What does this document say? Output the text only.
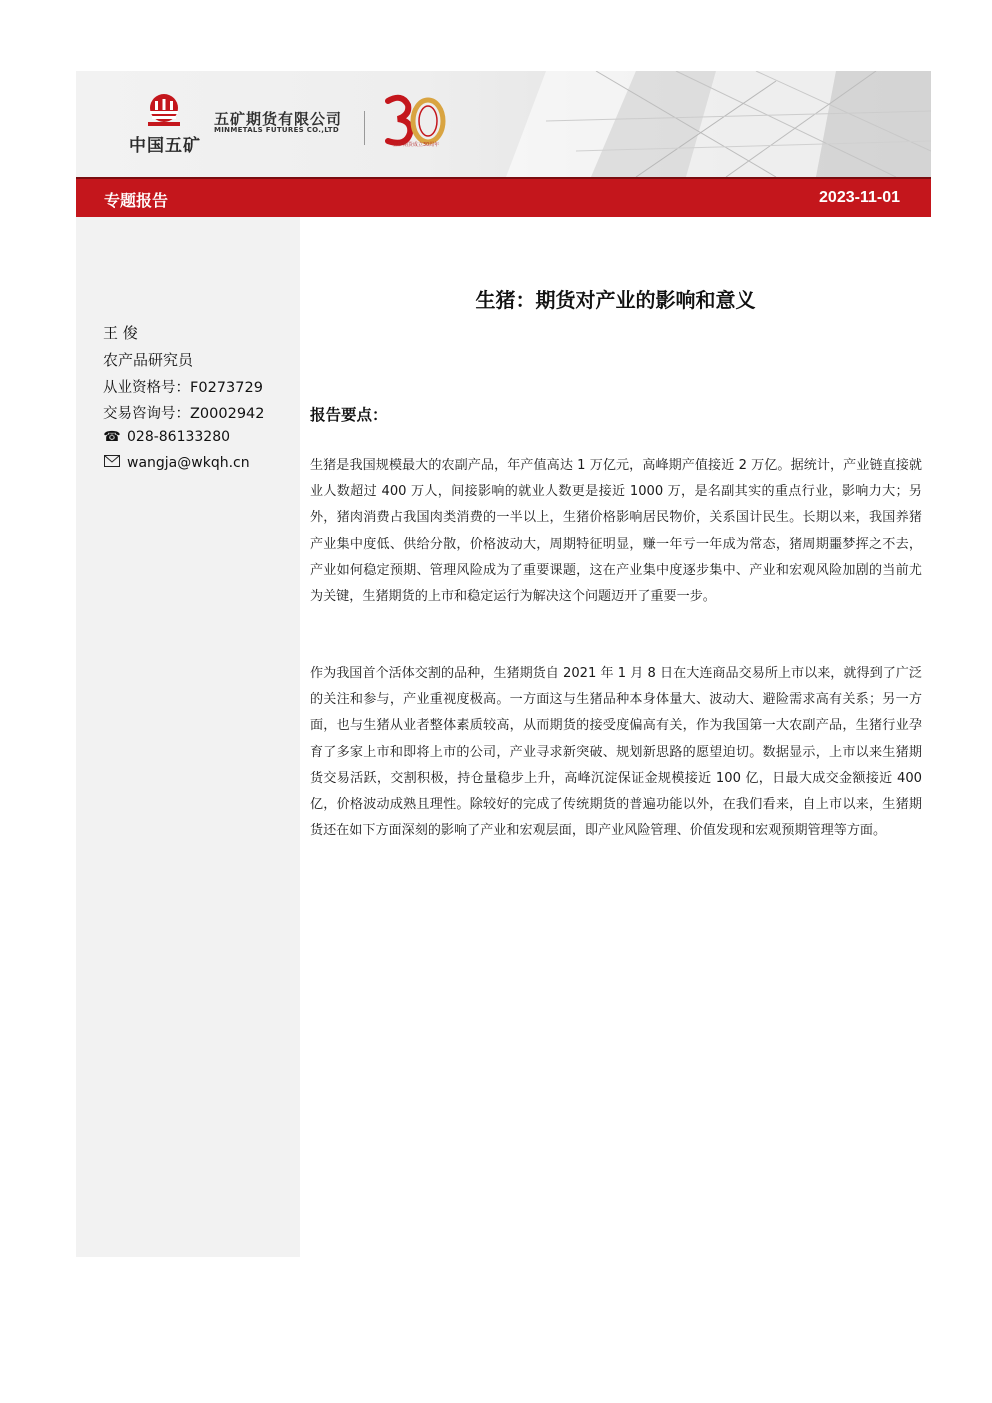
中国五矿
五矿期货有限公司
MINMETALS FUTURES CO.,LTD
五矿期货成立30周年
专题报告	2023-11-01
王 俊
农产品研究员
从业资格号：F0273729
交易咨询号：Z0002942
☎ 028-86133280
wangja@wkqh.cn
生猪：期货对产业的影响和意义
报告要点：

生猪是我国规模最大的农副产品，年产值高达 1 万亿元，高峰期产值接近 2 万亿。据统计，产业链直接就业人数超过 400 万人，间接影响的就业人数更是接近 1000 万，是名副其实的重点行业，影响力大；另外，猪肉消费占我国肉类消费的一半以上，生猪价格影响居民物价，关系国计民生。长期以来，我国养猪产业集中度低、供给分散，价格波动大，周期特征明显，赚一年亏一年成为常态，猪周期噩梦挥之不去，产业如何稳定预期、管理风险成为了重要课题，这在产业集中度逐步集中、产业和宏观风险加剧的当前尤为关键，生猪期货的上市和稳定运行为解决这个问题迈开了重要一步。

作为我国首个活体交割的品种，生猪期货自 2021 年 1 月 8 日在大连商品交易所上市以来，就得到了广泛的关注和参与，产业重视度极高。一方面这与生猪品种本身体量大、波动大、避险需求高有关系；另一方面，也与生猪从业者整体素质较高，从而期货的接受度偏高有关，作为我国第一大农副产品，生猪行业孕育了多家上市和即将上市的公司，产业寻求新突破、规划新思路的愿望迫切。数据显示，上市以来生猪期货交易活跃，交割积极，持仓量稳步上升，高峰沉淀保证金规模接近 100 亿，日最大成交金额接近 400 亿，价格波动成熟且理性。除较好的完成了传统期货的普遍功能以外，在我们看来，自上市以来，生猪期货还在如下方面深刻的影响了产业和宏观层面，即产业风险管理、价值发现和宏观预期管理等方面。
